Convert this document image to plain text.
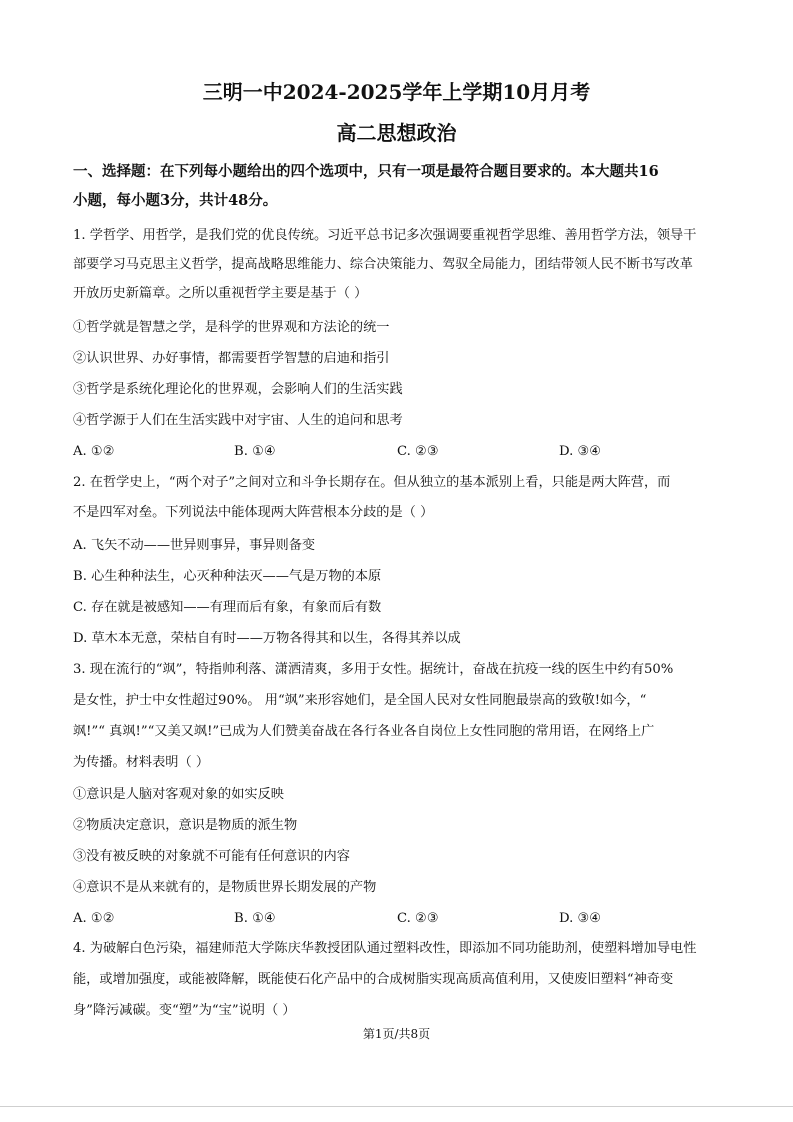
三明一中2024-2025学年上学期10月月考
高二思想政治
一、选择题：在下列每小题给出的四个选项中，只有一项是最符合题目要求的。本大题共16
小题，每小题3分，共计48分。
1. 学哲学、用哲学，是我们党的优良传统。习近平总书记多次强调要重视哲学思维、善用哲学方法，领导干
部要学习马克思主义哲学，提高战略思维能力、综合决策能力、驾驭全局能力，团结带领人民不断书写改革
开放历史新篇章。之所以重视哲学主要是基于（ ）
①哲学就是智慧之学，是科学的世界观和方法论的统一
②认识世界、办好事情，都需要哲学智慧的启迪和指引
③哲学是系统化理论化的世界观，会影响人们的生活实践
④哲学源于人们在生活实践中对宇宙、人生的追问和思考
A. ①②	B. ①④	C. ②③	D. ③④
2. 在哲学史上，“两个对子”之间对立和斗争长期存在。但从独立的基本派别上看，只能是两大阵营，而
不是四军对垒。下列说法中能体现两大阵营根本分歧的是（ ）
A. 飞矢不动——世异则事异，事异则备变
B. 心生种种法生，心灭种种法灭——气是万物的本原
C. 存在就是被感知——有理而后有象，有象而后有数
D. 草木本无意，荣枯自有时——万物各得其和以生，各得其养以成
3. 现在流行的“飒”，特指帅利落、潇洒清爽，多用于女性。据统计，奋战在抗疫一线的医生中约有50%
是女性，护士中女性超过90%。 用“飒”来形容她们，是全国人民对女性同胞最崇高的致敬!如今，“
飒!”“ 真飒!”“又美又飒!”已成为人们赞美奋战在各行各业各自岗位上女性同胞的常用语，在网络上广
为传播。材料表明（ ）
①意识是人脑对客观对象的如实反映
②物质决定意识，意识是物质的派生物
③没有被反映的对象就不可能有任何意识的内容
④意识不是从来就有的，是物质世界长期发展的产物
A. ①②	B. ①④	C. ②③	D. ③④
4. 为破解白色污染，福建师范大学陈庆华教授团队通过塑料改性，即添加不同功能助剂，使塑料增加导电性
能，或增加强度，或能被降解，既能使石化产品中的合成树脂实现高质高值利用，又使废旧塑料“神奇变
身”降污减碳。变“塑”为“宝”说明（ ）
第1页/共8页
